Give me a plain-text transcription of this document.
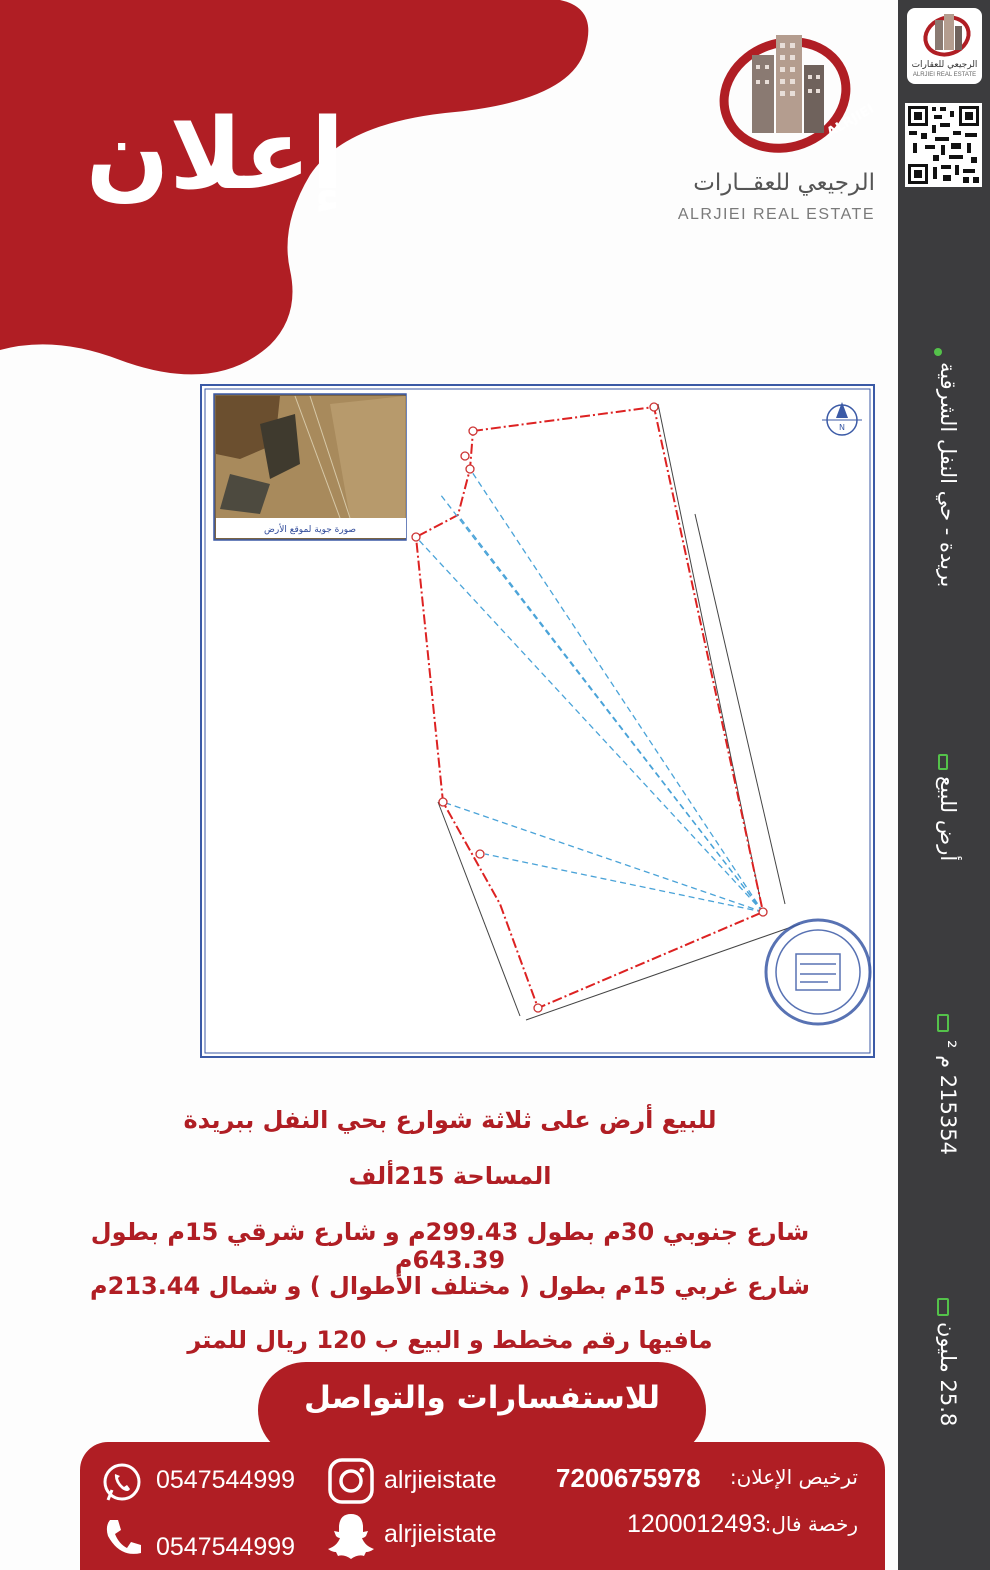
إعلان	ALRJIEI
الرجيعي للعقــارات
ALRJIEI REAL ESTATE
صورة جوية لموقع الأرض
N
للبيع أرض على ثلاثة شوارع بحي النفل ببريدة
المساحة 215ألف
شارع جنوبي 30م بطول 299.43م و شارع شرقي 15م بطول 643.39م
شارع غربي 15م بطول ( مختلف الأطوال ) و شمال 213.44م
مافيها رقم مخطط و البيع ب 120 ريال للمتر
للاستفسارات والتواصل
0547544999
0547544999
alrjieistate
alrjieistate
ترخيص الإعلان:
7200675978
رخصة فال:
1200012493
الرجيعي للعقارات
ALRJIEI REAL ESTATE
بريدة - حي النفل الشرقية
أرض للبيع
215354 م ²
25.8 مليون
